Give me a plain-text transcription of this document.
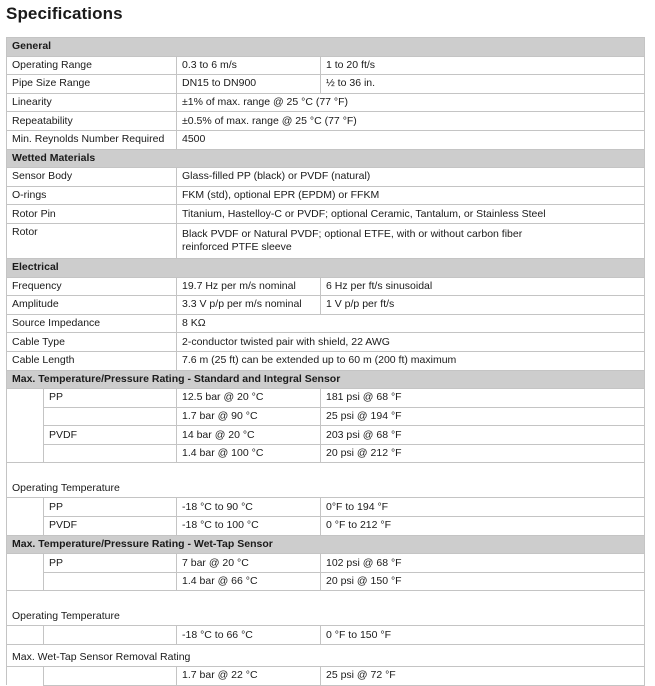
Specifications
General			
Operating Range		0.3 to 6 m/s	1 to 20 ft/s
Pipe Size Range		DN15 to DN900	½ to 36 in.
Linearity		±1% of max. range @ 25 °C (77 °F)	
Repeatability		±0.5% of max. range @ 25 °C (77 °F)	
Min. Reynolds Number Required		4500	
Wetted Materials			
Sensor Body		Glass-filled PP (black) or PVDF (natural)	
O-rings		FKM (std), optional EPR (EPDM) or FFKM	
Rotor Pin		Titanium, Hastelloy-C or PVDF; optional Ceramic, Tantalum, or Stainless Steel	
Rotor		Black PVDF or Natural PVDF; optional ETFE, with or without carbon fiber reinforced PTFE sleeve	
Electrical			
Frequency		19.7 Hz per m/s nominal	6 Hz per ft/s sinusoidal
Amplitude		3.3 V p/p per m/s nominal	1 V p/p per ft/s
Source Impedance		8 KΩ	
Cable Type		2-conductor twisted pair with shield, 22 AWG	
Cable Length		7.6 m (25 ft) can be extended up to 60 m (200 ft) maximum	
Max. Temperature/Pressure Rating - Standard and Integral Sensor			
	PP	12.5 bar @ 20 °C	181 psi @ 68 °F
		1.7 bar @ 90 °C	25 psi @ 194 °F
	PVDF	14 bar @ 20 °C	203 psi @ 68 °F
		1.4 bar @ 100 °C	20 psi @ 212 °F
Operating Temperature			
	PP	-18 °C to 90 °C	0°F to 194 °F
	PVDF	-18 °C to 100 °C	0 °F to 212 °F
Max. Temperature/Pressure Rating - Wet-Tap Sensor			
	PP	7 bar @ 20 °C	102 psi @ 68 °F
		1.4 bar @ 66 °C	20 psi @ 150 °F
Operating Temperature			
		-18 °C to 66 °C	0 °F to 150 °F
Max. Wet-Tap Sensor Removal Rating			
		1.7 bar @ 22 °C	25 psi @ 72 °F
